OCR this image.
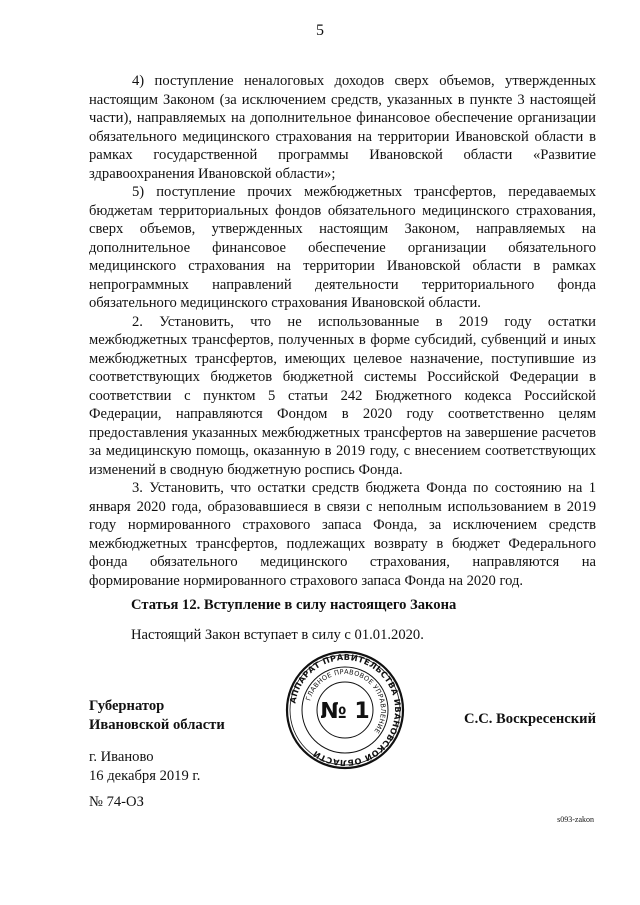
5

4) поступление неналоговых доходов сверх объемов, утвержденных настоящим Законом (за исключением средств, указанных в пункте 3 настоящей части), направляемых на дополнительное финансовое обеспечение организации обязательного медицинского страхования на территории Ивановской области в рамках государственной программы Ивановской области «Развитие здравоохранения Ивановской области»;

5) поступление прочих межбюджетных трансфертов, передаваемых бюджетам территориальных фондов обязательного медицинского страхования, сверх объемов, утвержденных настоящим Законом, направляемых на дополнительное финансовое обеспечение организации обязательного медицинского страхования на территории Ивановской области в рамках непрограммных направлений деятельности территориального фонда обязательного медицинского страхования Ивановской области.

2. Установить, что не использованные в 2019 году остатки межбюджетных трансфертов, полученных в форме субсидий, субвенций и иных межбюджетных трансфертов, имеющих целевое назначение, поступившие из соответствующих бюджетов бюджетной системы Российской Федерации в соответствии с пунктом 5 статьи 242 Бюджетного кодекса Российской Федерации, направляются Фондом в 2020 году соответственно целям предоставления указанных межбюджетных трансфертов на завершение расчетов за медицинскую помощь, оказанную в 2019 году, с внесением соответствующих изменений в сводную бюджетную роспись Фонда.

3. Установить, что остатки средств бюджета Фонда по состоянию на 1 января 2020 года, образовавшиеся в связи с неполным использованием в 2019 году нормированного страхового запаса Фонда, за исключением средств межбюджетных трансфертов, подлежащих возврату в бюджет Федерального фонда обязательного медицинского страхования, направляются на формирование нормированного страхового запаса Фонда на 2020 год.

Статья 12. Вступление в силу настоящего Закона
Настоящий Закон вступает в силу с 01.01.2020.
Губернатор
Ивановской области
АППАРАТ ПРАВИТЕЛЬСТВА ИВАНОВСКОЙ ОБЛАСТИ
ГЛАВНОЕ ПРАВОВОЕ УПРАВЛЕНИЕ
№ 1	С.С. Воскресенский
г. Иваново
16 декабря 2019 г.
№ 74-ОЗ
s093-zakon
